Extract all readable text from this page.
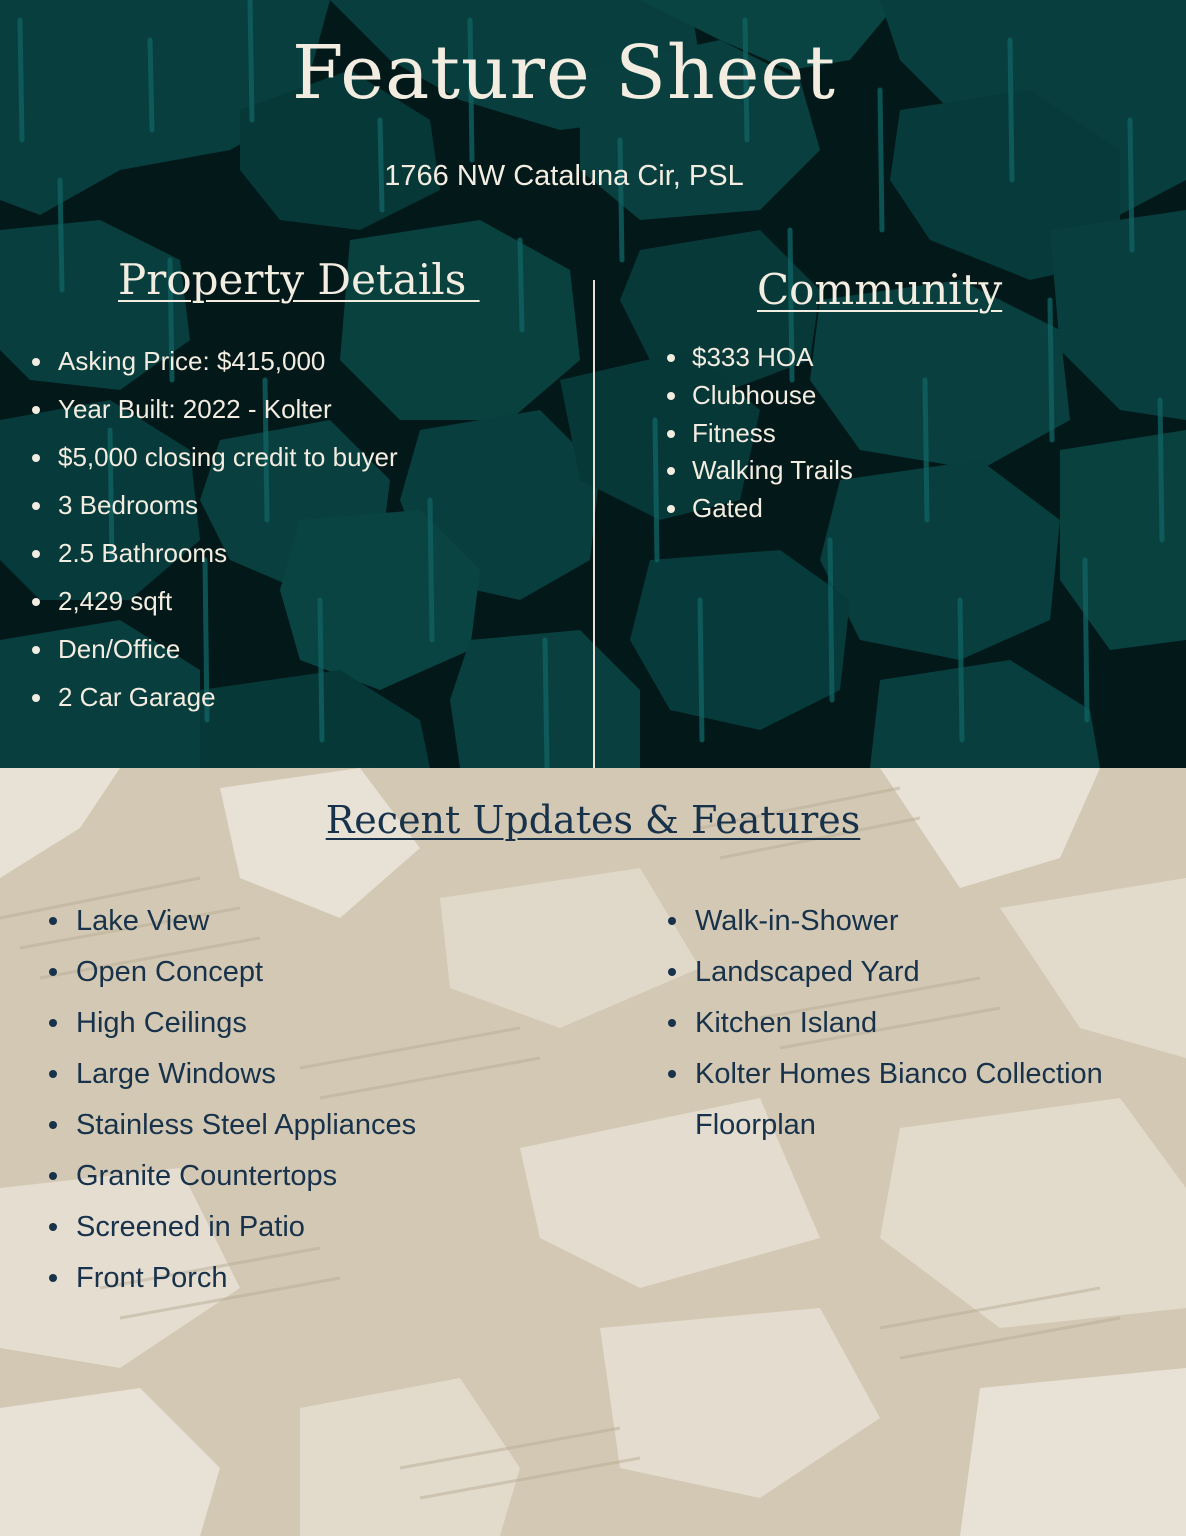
Feature Sheet
1766 NW Cataluna Cir, PSL
Property Details	Community
Asking Price: $415,000
Year Built: 2022 - Kolter
$5,000 closing credit to buyer
3 Bedrooms
2.5 Bathrooms
2,429 sqft
Den/Office
2 Car Garage
$333 HOA
Clubhouse
Fitness
Walking Trails
Gated
Recent Updates & Features
Lake View
Open Concept
High Ceilings
Large Windows
Stainless Steel Appliances
Granite Countertops
Screened in Patio
Front Porch
Walk-in-Shower
Landscaped Yard
Kitchen Island
Kolter Homes Bianco Collection Floorplan
